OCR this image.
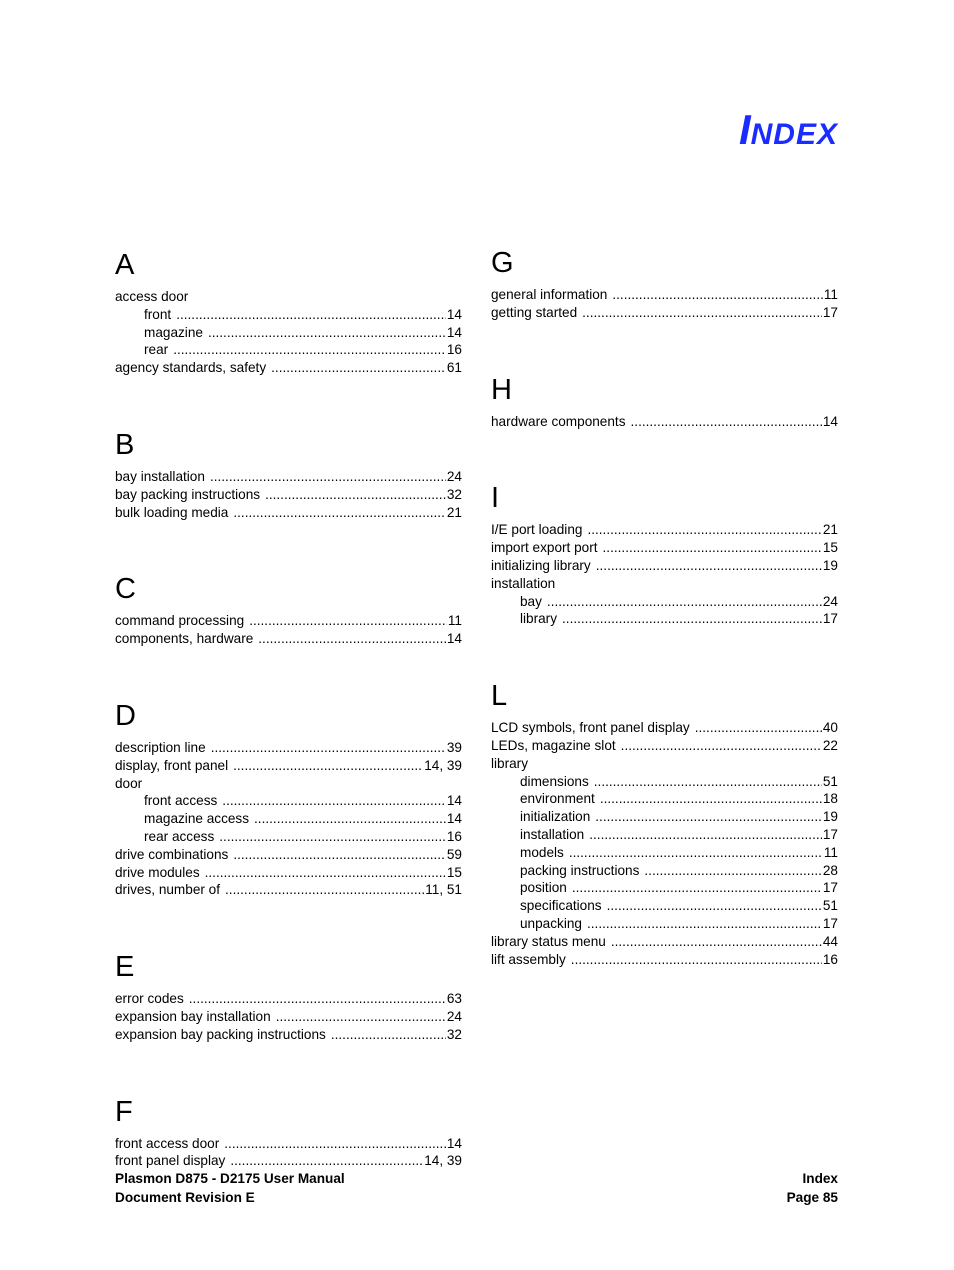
INDEX
A
access door
front .....	14
magazine .....	14
rear .....	16
agency standards, safety .....	61
B
bay installation .....	24
bay packing instructions .....	32
bulk loading media .....	21
C
command processing .....	11
components, hardware .....	14
D
description line .....	39
display, front panel .....	14, 39
door
front access .....	14
magazine access .....	14
rear access .....	16
drive combinations .....	59
drive modules .....	15
drives, number of .....	11, 51
E
error codes .....	63
expansion bay installation .....	24
expansion bay packing instructions .....	32
F
front access door .....	14
front panel display .....	14, 39
G
general information .....	11
getting started .....	17
H
hardware components .....	14
I
I/E port loading .....	21
import export port .....	15
initializing library .....	19
installation
bay .....	24
library .....	17
L
LCD symbols, front panel display .....	40
LEDs, magazine slot .....	22
library
dimensions .....	51
environment .....	18
initialization .....	19
installation .....	17
models .....	11
packing instructions .....	28
position .....	17
specifications .....	51
unpacking .....	17
library status menu .....	44
lift assembly .....	16
Plasmon D875 - D2175 User Manual
Document Revision E
Index
Page 85
